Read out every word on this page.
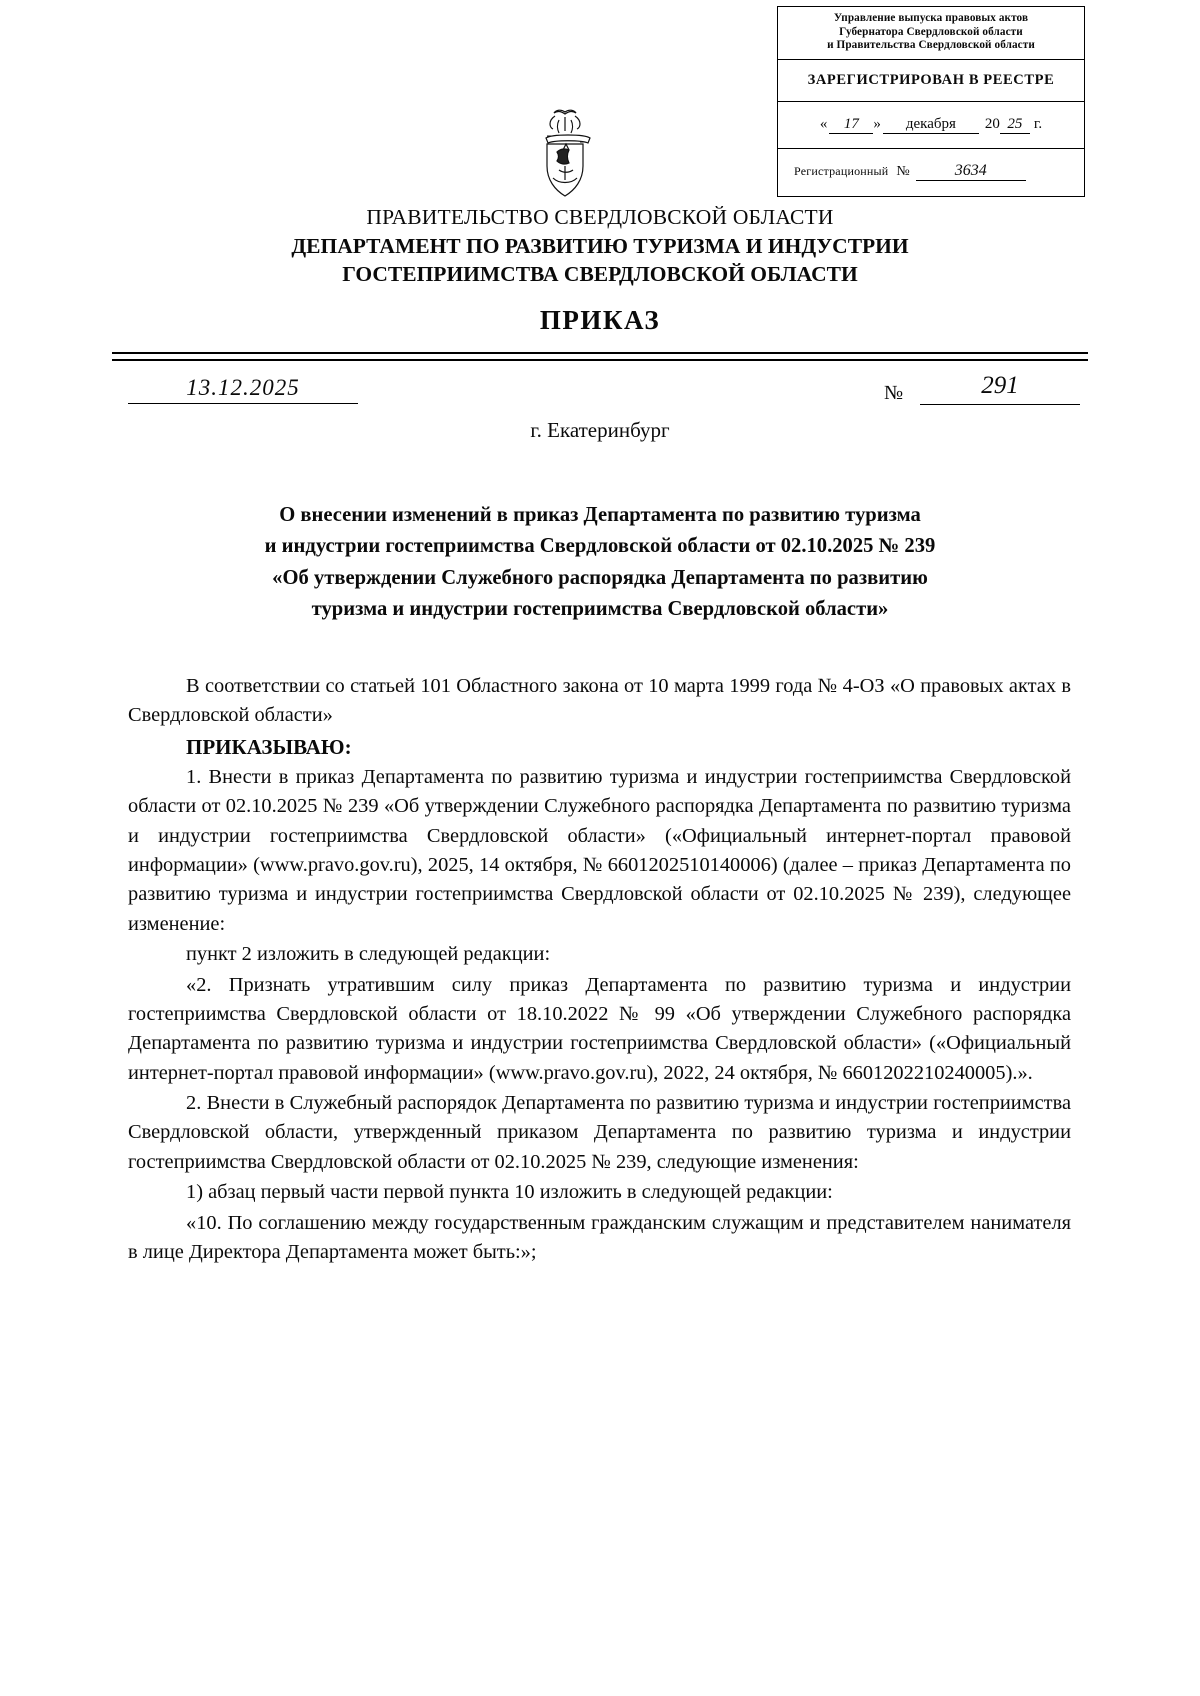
Управление выпуска правовых актов
Губернатора Свердловской области
и Правительства Свердловской области
ЗАРЕГИСТРИРОВАН В РЕЕСТРЕ
«	17 »	декабря	20 25 г.
Регистрационный №	3634
ПРАВИТЕЛЬСТВО СВЕРДЛОВСКОЙ ОБЛАСТИ
ДЕПАРТАМЕНТ ПО РАЗВИТИЮ ТУРИЗМА И ИНДУСТРИИ
ГОСТЕПРИИМСТВА СВЕРДЛОВСКОЙ ОБЛАСТИ
ПРИКАЗ
13.12.2025	№	291
г. Екатеринбург
О внесении изменений в приказ Департамента по развитию туризма
и индустрии гостеприимства Свердловской области от 02.10.2025 № 239
«Об утверждении Служебного распорядка Департамента по развитию
туризма и индустрии гостеприимства Свердловской области»

В соответствии со статьей 101 Областного закона от 10 марта 1999 года № 4-ОЗ «О правовых актах в Свердловской области»

ПРИКАЗЫВАЮ:

1. Внести в приказ Департамента по развитию туризма и индустрии гостеприимства Свердловской области от 02.10.2025 № 239 «Об утверждении Служебного распорядка Департамента по развитию туризма и индустрии гостеприимства Свердловской области» («Официальный интернет-портал правовой информации» (www.pravo.gov.ru), 2025, 14 октября, № 6601202510140006) (далее – приказ Департамента по развитию туризма и индустрии гостеприимства Свердловской области от 02.10.2025 № 239), следующее изменение:

пункт 2 изложить в следующей редакции:

«2. Признать утратившим силу приказ Департамента по развитию туризма и индустрии гостеприимства Свердловской области от 18.10.2022 № 99 «Об утверждении Служебного распорядка Департамента по развитию туризма и индустрии гостеприимства Свердловской области» («Официальный интернет-портал правовой информации» (www.pravo.gov.ru), 2022, 24 октября, № 6601202210240005).».

2. Внести в Служебный распорядок Департамента по развитию туризма и индустрии гостеприимства Свердловской области, утвержденный приказом Департамента по развитию туризма и индустрии гостеприимства Свердловской области от 02.10.2025 № 239, следующие изменения:

1) абзац первый части первой пункта 10 изложить в следующей редакции:

«10. По соглашению между государственным гражданским служащим и представителем нанимателя в лице Директора Департамента может быть:»;
